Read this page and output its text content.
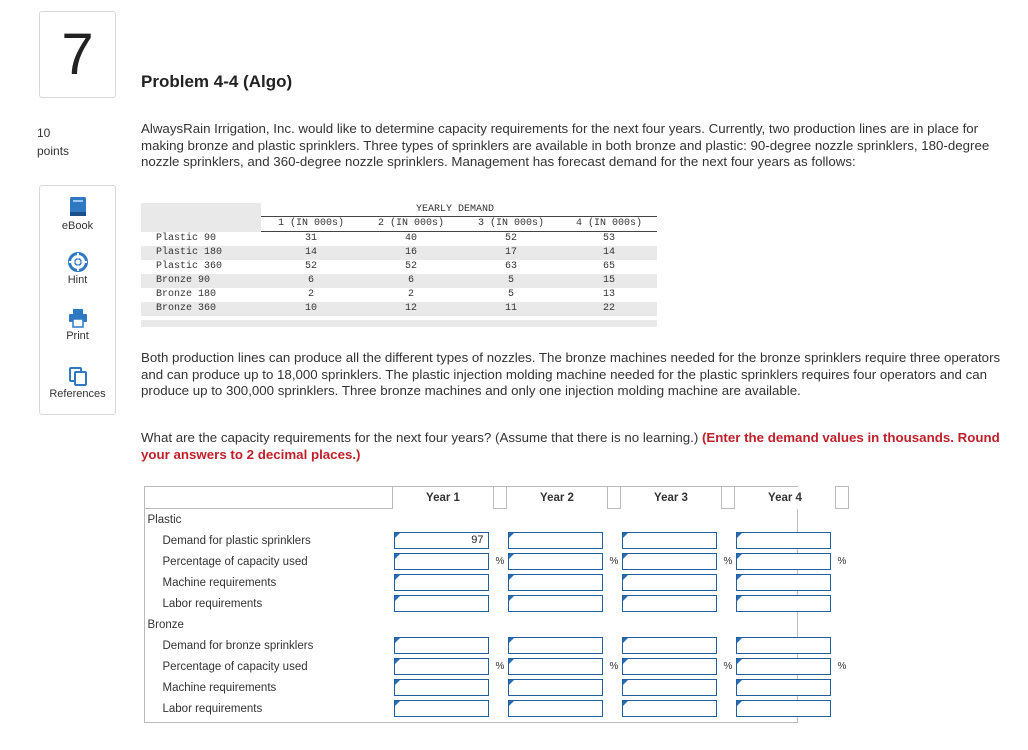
7
10
points
eBook
Hint
Print
References
Problem 4-4 (Algo)

AlwaysRain Irrigation, Inc. would like to determine capacity requirements for the next four years. Currently, two production lines are in place for making bronze and plastic sprinklers. Three types of sprinklers are available in both bronze and plastic: 90-degree nozzle sprinklers, 180-degree nozzle sprinklers, and 360-degree nozzle sprinklers. Management has forecast demand for the next four years as follows:

YEARLY DEMAND
1 (IN 000s)	2 (IN 000s)	3 (IN 000s)	4 (IN 000s)
Plastic 90	31	40	52	53
Plastic 180	14	16	17	14
Plastic 360	52	52	63	65
Bronze 90	6	6	5	15
Bronze 180	2	2	5	13
Bronze 360	10	12	11	22

Both production lines can produce all the different types of nozzles. The bronze machines needed for the bronze sprinklers require three operators and can produce up to 18,000 sprinklers. The plastic injection molding machine needed for the plastic sprinklers requires four operators and can produce up to 300,000 sprinklers. Three bronze machines and only one injection molding machine are available.

What are the capacity requirements for the next four years? (Assume that there is no learning.) (Enter the demand values in thousands. Round your answers to 2 decimal places.)

	Year 1		Year 2		Year 3		Year 4	
Plastic								
Demand for plastic sprinklers	97							

Percentage of capacity used		%		%		%		%
Machine requirements	

Labor requirements	

Bronze								
Demand for bronze sprinklers	

Percentage of capacity used		%		%		%		%
Machine requirements	

Labor requirements	
